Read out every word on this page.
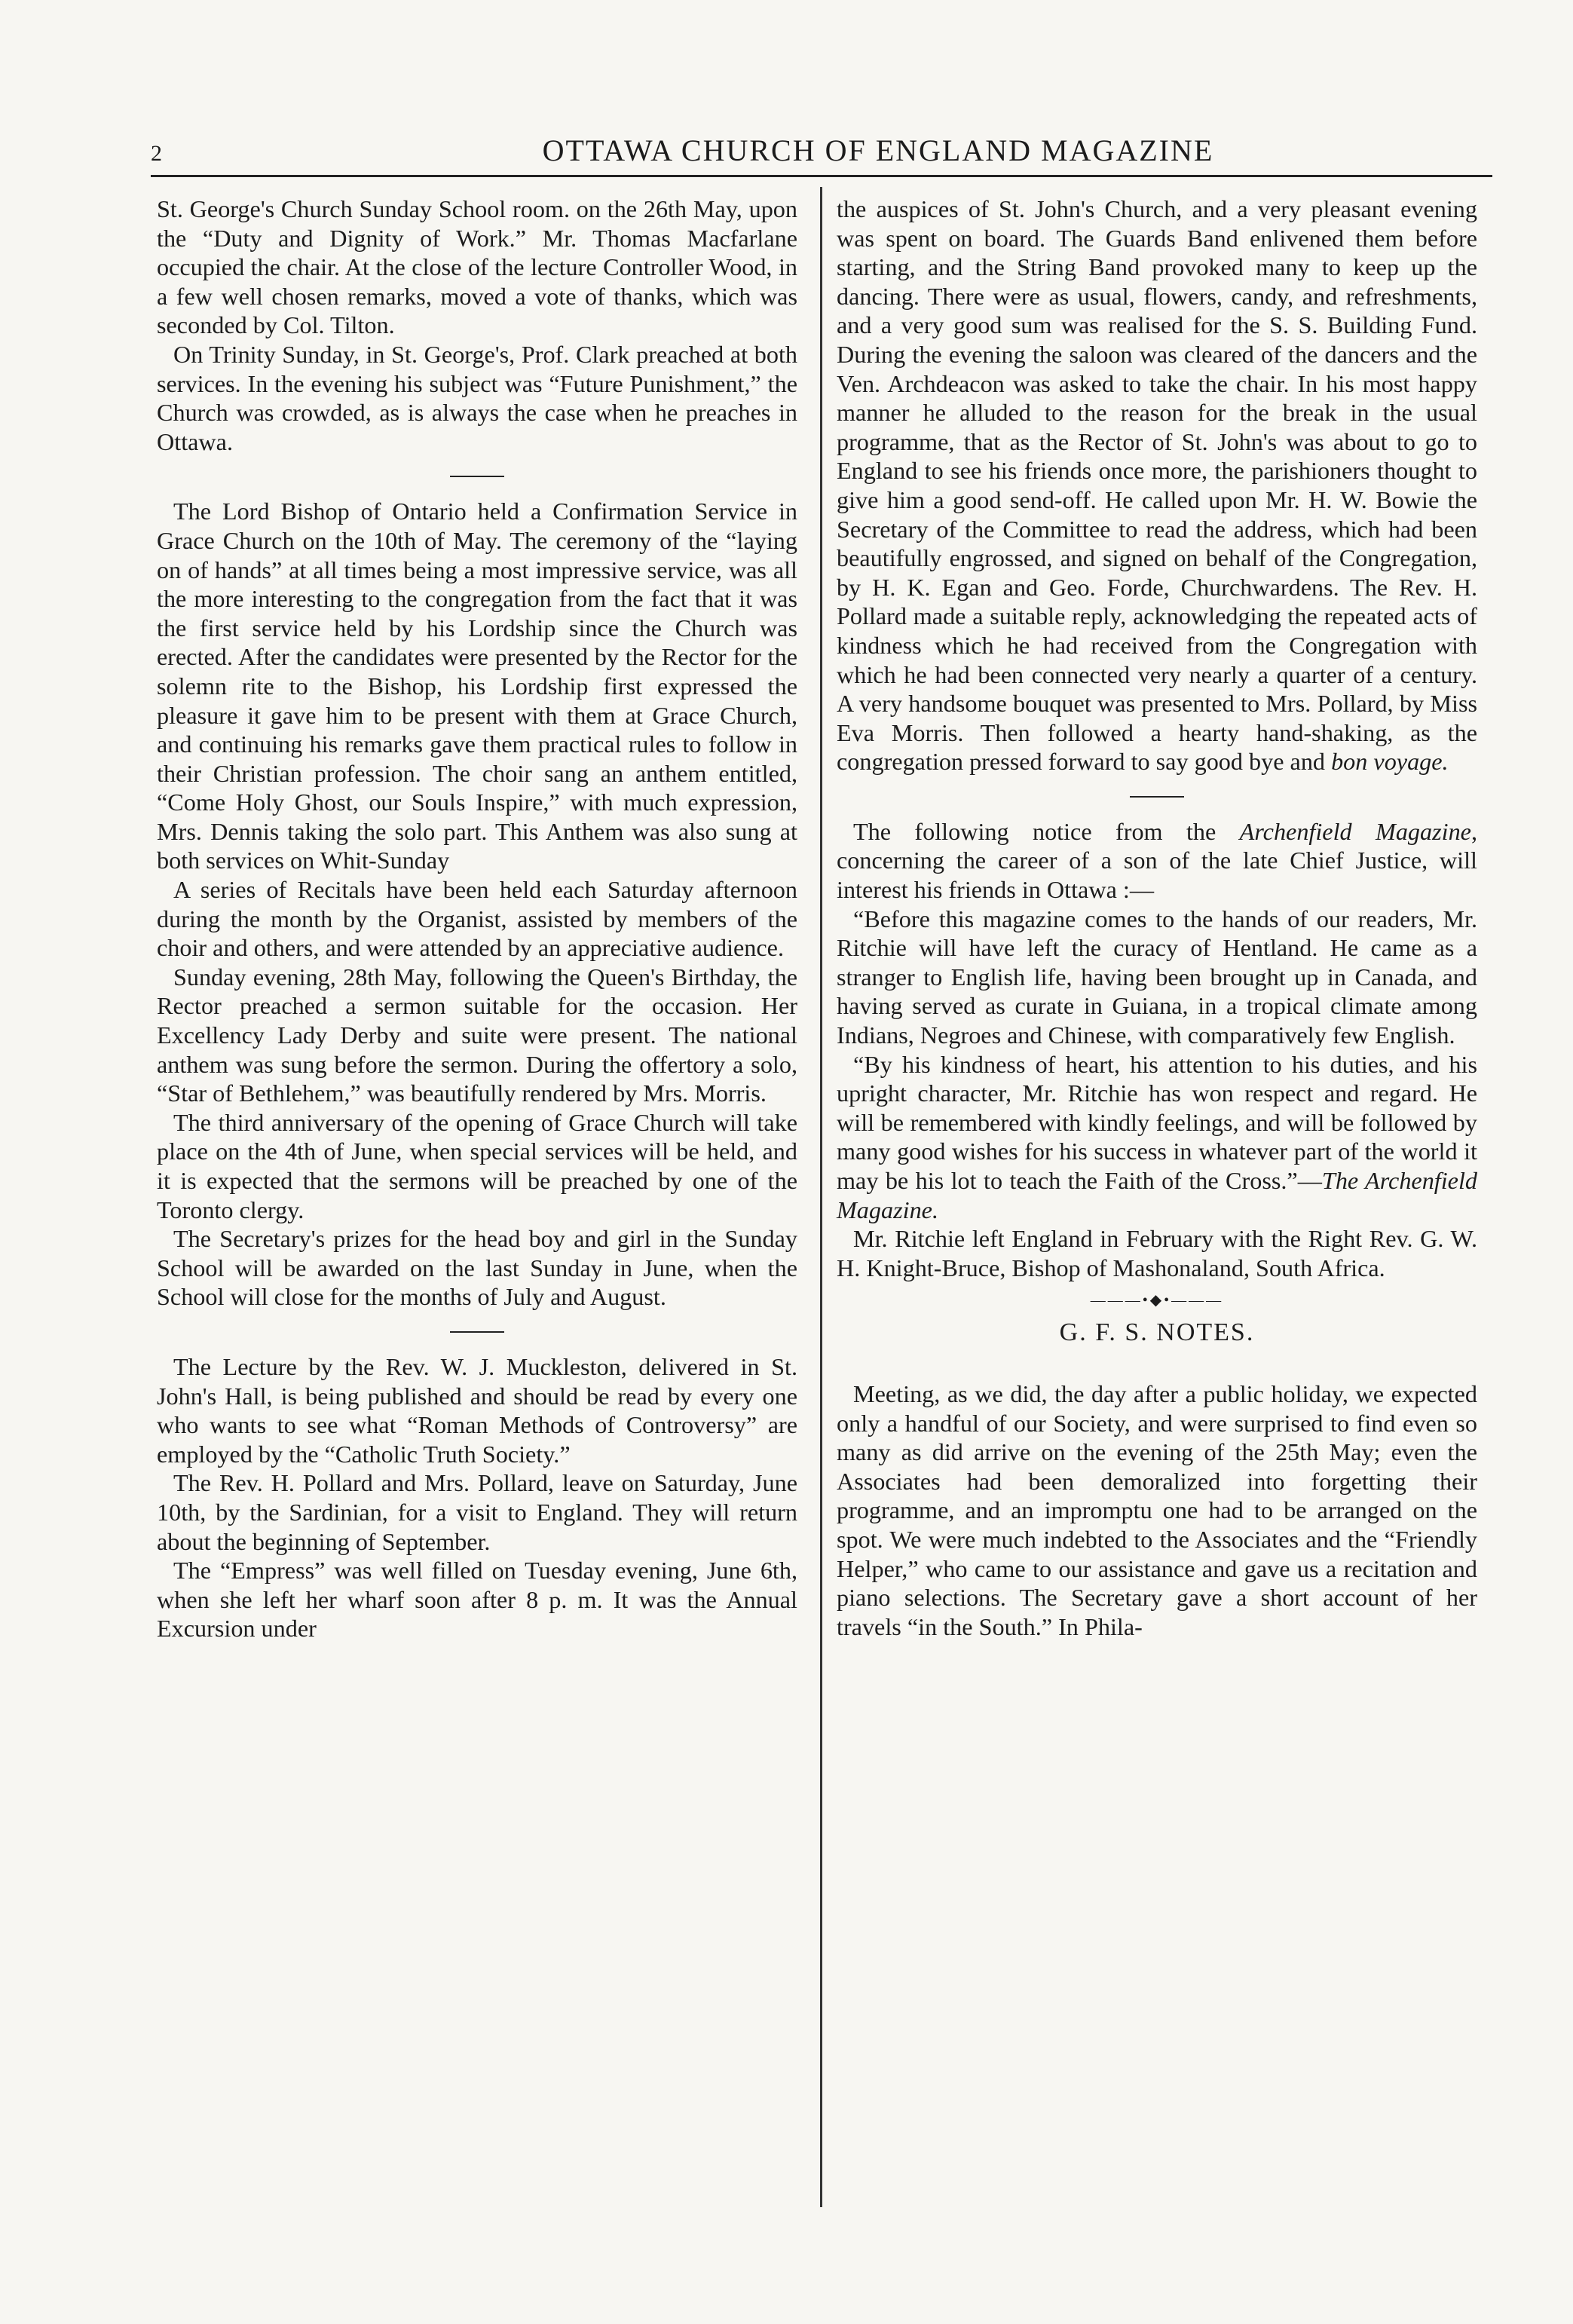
2	OTTAWA CHURCH OF ENGLAND MAGAZINE

St. George's Church Sunday School room. on the 26th May, upon the “Duty and Dignity of Work.” Mr. Thomas Macfarlane occupied the chair. At the close of the lecture Controller Wood, in a few well chosen remarks, moved a vote of thanks, which was seconded by Col. Tilton.

On Trinity Sunday, in St. George's, Prof. Clark preached at both services. In the evening his subject was “Future Punishment,” the Church was crowded, as is always the case when he preaches in Ottawa.

The Lord Bishop of Ontario held a Confirmation Service in Grace Church on the 10th of May. The ceremony of the “laying on of hands” at all times being a most impressive service, was all the more interesting to the congregation from the fact that it was the first service held by his Lordship since the Church was erected. After the candidates were presented by the Rector for the solemn rite to the Bishop, his Lordship first expressed the pleasure it gave him to be present with them at Grace Church, and continuing his remarks gave them practical rules to follow in their Christian profession. The choir sang an anthem entitled, “Come Holy Ghost, our Souls Inspire,” with much expression, Mrs. Dennis taking the solo part. This Anthem was also sung at both services on Whit-Sunday

A series of Recitals have been held each Saturday afternoon during the month by the Organist, assisted by members of the choir and others, and were attended by an appreciative audience.

Sunday evening, 28th May, following the Queen's Birthday, the Rector preached a sermon suitable for the occasion. Her Excellency Lady Derby and suite were present. The national anthem was sung before the sermon. During the offertory a solo, “Star of Bethlehem,” was beautifully rendered by Mrs. Morris.

The third anniversary of the opening of Grace Church will take place on the 4th of June, when special services will be held, and it is expected that the sermons will be preached by one of the Toronto clergy.

The Secretary's prizes for the head boy and girl in the Sunday School will be awarded on the last Sunday in June, when the School will close for the months of July and August.

The Lecture by the Rev. W. J. Muckleston, delivered in St. John's Hall, is being published and should be read by every one who wants to see what “Roman Methods of Controversy” are employed by the “Catholic Truth Society.”

The Rev. H. Pollard and Mrs. Pollard, leave on Saturday, June 10th, by the Sardinian, for a visit to England. They will return about the beginning of September.

The “Empress” was well filled on Tuesday evening, June 6th, when she left her wharf soon after 8 p. m. It was the Annual Excursion under

the auspices of St. John's Church, and a very pleasant evening was spent on board. The Guards Band enlivened them before starting, and the String Band provoked many to keep up the dancing. There were as usual, flowers, candy, and refreshments, and a very good sum was realised for the S. S. Building Fund. During the evening the saloon was cleared of the dancers and the Ven. Archdeacon was asked to take the chair. In his most happy manner he alluded to the reason for the break in the usual programme, that as the Rector of St. John's was about to go to England to see his friends once more, the parishioners thought to give him a good send-off. He called upon Mr. H. W. Bowie the Secretary of the Committee to read the address, which had been beautifully engrossed, and signed on behalf of the Congregation, by H. K. Egan and Geo. Forde, Churchwardens. The Rev. H. Pollard made a suitable reply, acknowledging the repeated acts of kindness which he had received from the Congregation with which he had been connected very nearly a quarter of a century. A very handsome bouquet was presented to Mrs. Pollard, by Miss Eva Morris. Then followed a hearty hand-shaking, as the congregation pressed forward to say good bye and bon voyage.

The following notice from the Archenfield Magazine, concerning the career of a son of the late Chief Justice, will interest his friends in Ottawa :—

“Before this magazine comes to the hands of our readers, Mr. Ritchie will have left the curacy of Hentland. He came as a stranger to English life, having been brought up in Canada, and having served as curate in Guiana, in a tropical climate among Indians, Negroes and Chinese, with comparatively few English.

“By his kindness of heart, his attention to his duties, and his upright character, Mr. Ritchie has won respect and regard. He will be remembered with kindly feelings, and will be followed by many good wishes for his success in whatever part of the world it may be his lot to teach the Faith of the Cross.”—The Archenfield Magazine.

Mr. Ritchie left England in February with the Right Rev. G. W. H. Knight-Bruce, Bishop of Mashonaland, South Africa.

———•◆•———
G. F. S. NOTES.

Meeting, as we did, the day after a public holiday, we expected only a handful of our Society, and were surprised to find even so many as did arrive on the evening of the 25th May; even the Associates had been demoralized into forgetting their programme, and an impromptu one had to be arranged on the spot. We were much indebted to the Associates and the “Friendly Helper,” who came to our assistance and gave us a recitation and piano selections. The Secretary gave a short account of her travels “in the South.” In Phila-
